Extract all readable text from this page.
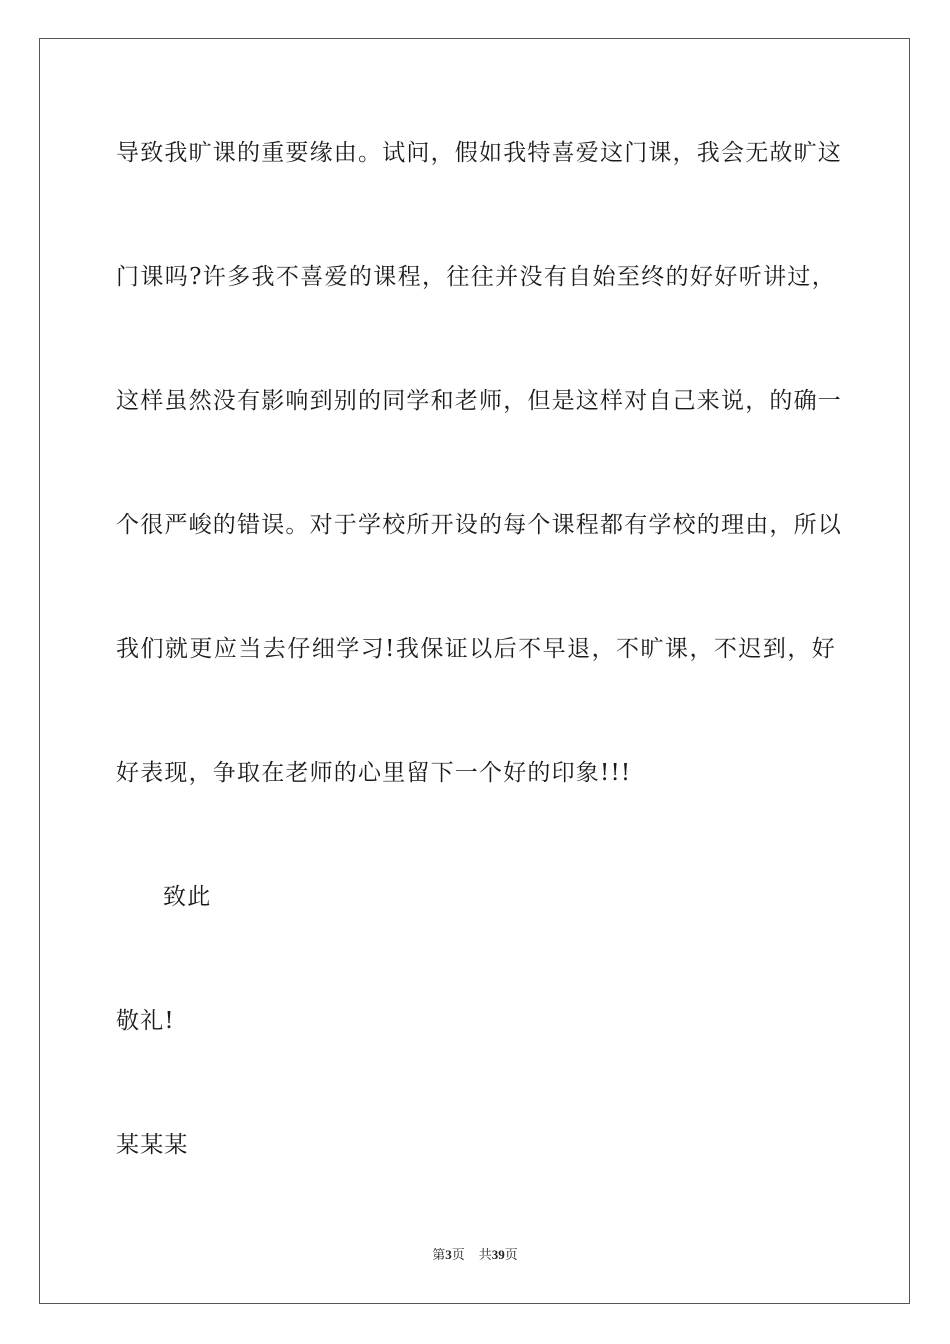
导致我旷课的重要缘由。试问，假如我特喜爱这门课，我会无故旷这
门课吗?许多我不喜爱的课程，往往并没有自始至终的好好听讲过，
这样虽然没有影响到别的同学和老师，但是这样对自己来说，的确一
个很严峻的错误。对于学校所开设的每个课程都有学校的理由，所以
我们就更应当去仔细学习!我保证以后不早退，不旷课，不迟到，好
好表现，争取在老师的心里留下一个好的印象!!!
致此
敬礼!
某某某
第3页 共39页
